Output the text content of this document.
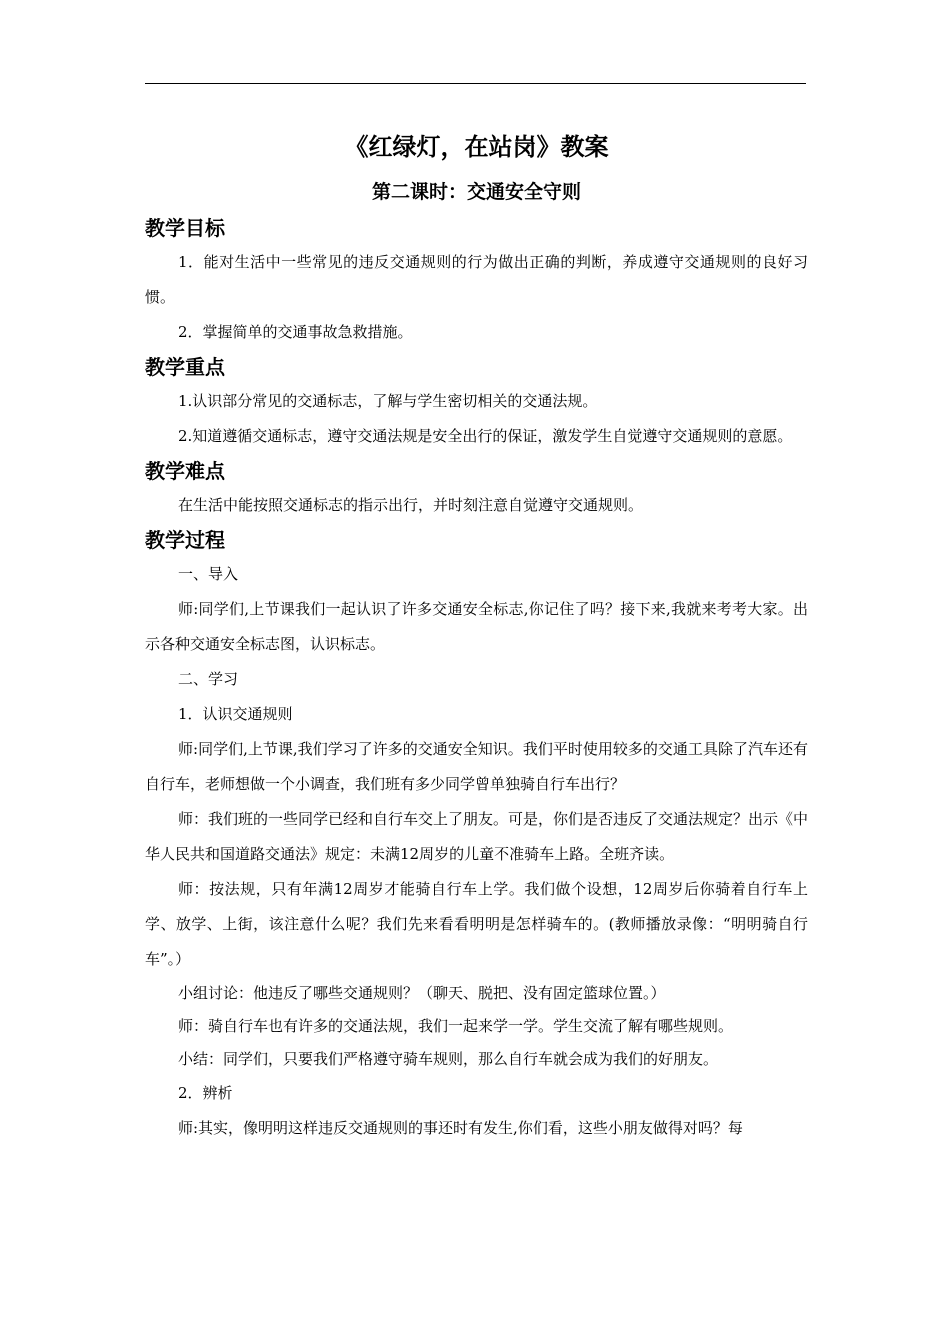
《红绿灯，在站岗》教案
第二课时：交通安全守则
教学目标

1．能对生活中一些常见的违反交通规则的行为做出正确的判断，养成遵守交通规则的良好习惯。

2．掌握简单的交通事故急救措施。

教学重点

1.认识部分常见的交通标志，了解与学生密切相关的交通法规。

2.知道遵循交通标志，遵守交通法规是安全出行的保证，激发学生自觉遵守交通规则的意愿。

教学难点

在生活中能按照交通标志的指示出行，并时刻注意自觉遵守交通规则。

教学过程

一、导入

师:同学们,上节课我们一起认识了许多交通安全标志,你记住了吗？接下来,我就来考考大家。出示各种交通安全标志图，认识标志。

二、学习

1．认识交通规则

师:同学们,上节课,我们学习了许多的交通安全知识。我们平时使用较多的交通工具除了汽车还有自行车，老师想做一个小调查，我们班有多少同学曾单独骑自行车出行？

师：我们班的一些同学已经和自行车交上了朋友。可是，你们是否违反了交通法规定？出示《中华人民共和国道路交通法》规定：未满12周岁的儿童不准骑车上路。全班齐读。

师：按法规，只有年满12周岁才能骑自行车上学。我们做个设想，12周岁后你骑着自行车上学、放学、上街，该注意什么呢？我们先来看看明明是怎样骑车的。(教师播放录像：“明明骑自行车”。）

小组讨论：他违反了哪些交通规则？（聊天、脱把、没有固定篮球位置。）

师：骑自行车也有许多的交通法规，我们一起来学一学。学生交流了解有哪些规则。

小结：同学们，只要我们严格遵守骑车规则，那么自行车就会成为我们的好朋友。

2．辨析

师:其实，像明明这样违反交通规则的事还时有发生,你们看，这些小朋友做得对吗？每
